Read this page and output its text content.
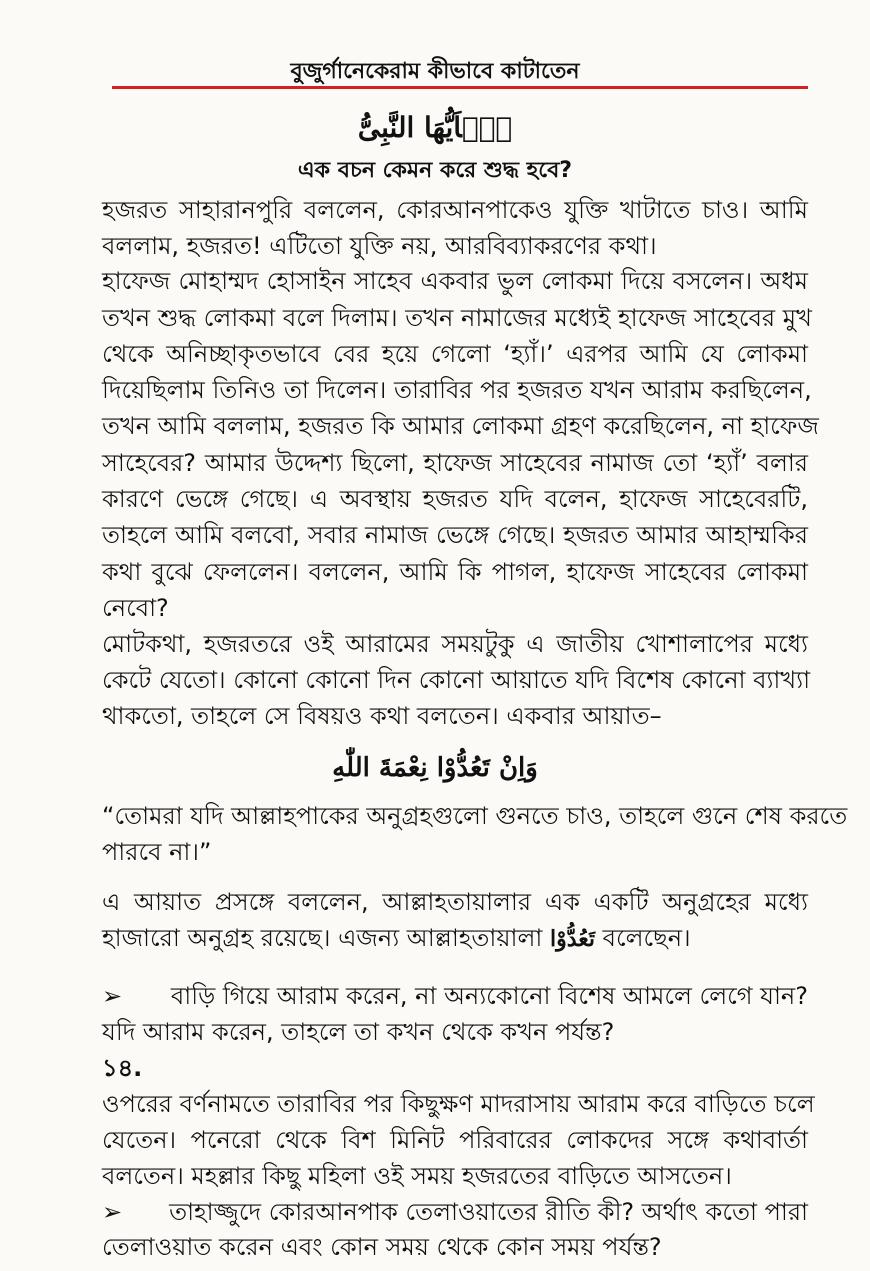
বুজুর্গানেকেরাম কীভাবে কাটাতেন
يٰۤاَيُّهَا النَّبِىُّ
এক বচন কেমন করে শুদ্ধ হবে?
হজরত সাহারানপুরি বললেন, কোরআনপাকেও যুক্তি খাটাতে চাও। আমি
বললাম, হজরত! এটিতো যুক্তি নয়, আরবিব্যাকরণের কথা।
হাফেজ মোহাম্মদ হোসাইন সাহেব একবার ভুল লোকমা দিয়ে বসলেন। অধম
তখন শুদ্ধ লোকমা বলে দিলাম। তখন নামাজের মধ্যেই হাফেজ সাহেবের মুখ
থেকে অনিচ্ছাকৃতভাবে বের হয়ে গেলো ‘হ্যাঁ।’ এরপর আমি যে লোকমা
দিয়েছিলাম তিনিও তা দিলেন। তারাবির পর হজরত যখন আরাম করছিলেন,
তখন আমি বললাম, হজরত কি আমার লোকমা গ্রহণ করেছিলেন, না হাফেজ
সাহেবের? আমার উদ্দেশ্য ছিলো, হাফেজ সাহেবের নামাজ তো ‘হ্যাঁ’ বলার
কারণে ভেঙ্গে গেছে। এ অবস্থায় হজরত যদি বলেন, হাফেজ সাহেবেরটি,
তাহলে আমি বলবো, সবার নামাজ ভেঙ্গে গেছে। হজরত আমার আহাম্মকির
কথা বুঝে ফেললেন। বললেন, আমি কি পাগল, হাফেজ সাহেবের লোকমা
নেবো?
মোটকথা, হজরতরে ওই আরামের সময়টুকু এ জাতীয় খোশালাপের মধ্যে
কেটে যেতো। কোনো কোনো দিন কোনো আয়াতে যদি বিশেষ কোনো ব্যাখ্যা
থাকতো, তাহলে সে বিষয়ও কথা বলতেন। একবার আয়াত–
وَاِنْ تَعُدُّوْا نِعْمَةَ اللّٰهِ
“তোমরা যদি আল্লাহপাকের অনুগ্রহগুলো গুনতে চাও, তাহলে গুনে শেষ করতে
পারবে না।”
এ আয়াত প্রসঙ্গে বললেন, আল্লাহতায়ালার এক একটি অনুগ্রহের মধ্যে
হাজারো অনুগ্রহ রয়েছে। এজন্য আল্লাহতায়ালা تَعُدُّوْا বলেছেন।
➢	বাড়ি গিয়ে আরাম করেন, না অন্যকোনো বিশেষ আমলে লেগে যান?
যদি আরাম করেন, তাহলে তা কখন থেকে কখন পর্যন্ত?
১৪.
ওপরের বর্ণনামতে তারাবির পর কিছুক্ষণ মাদরাসায় আরাম করে বাড়িতে চলে
যেতেন। পনেরো থেকে বিশ মিনিট পরিবারের লোকদের সঙ্গে কথাবার্তা
বলতেন। মহল্লার কিছু মহিলা ওই সময় হজরতের বাড়িতে আসতেন।
➢	তাহাজ্জুদে কোরআনপাক তেলাওয়াতের রীতি কী? অর্থাৎ কতো পারা
তেলাওয়াত করেন এবং কোন সময় থেকে কোন সময় পর্যন্ত?
